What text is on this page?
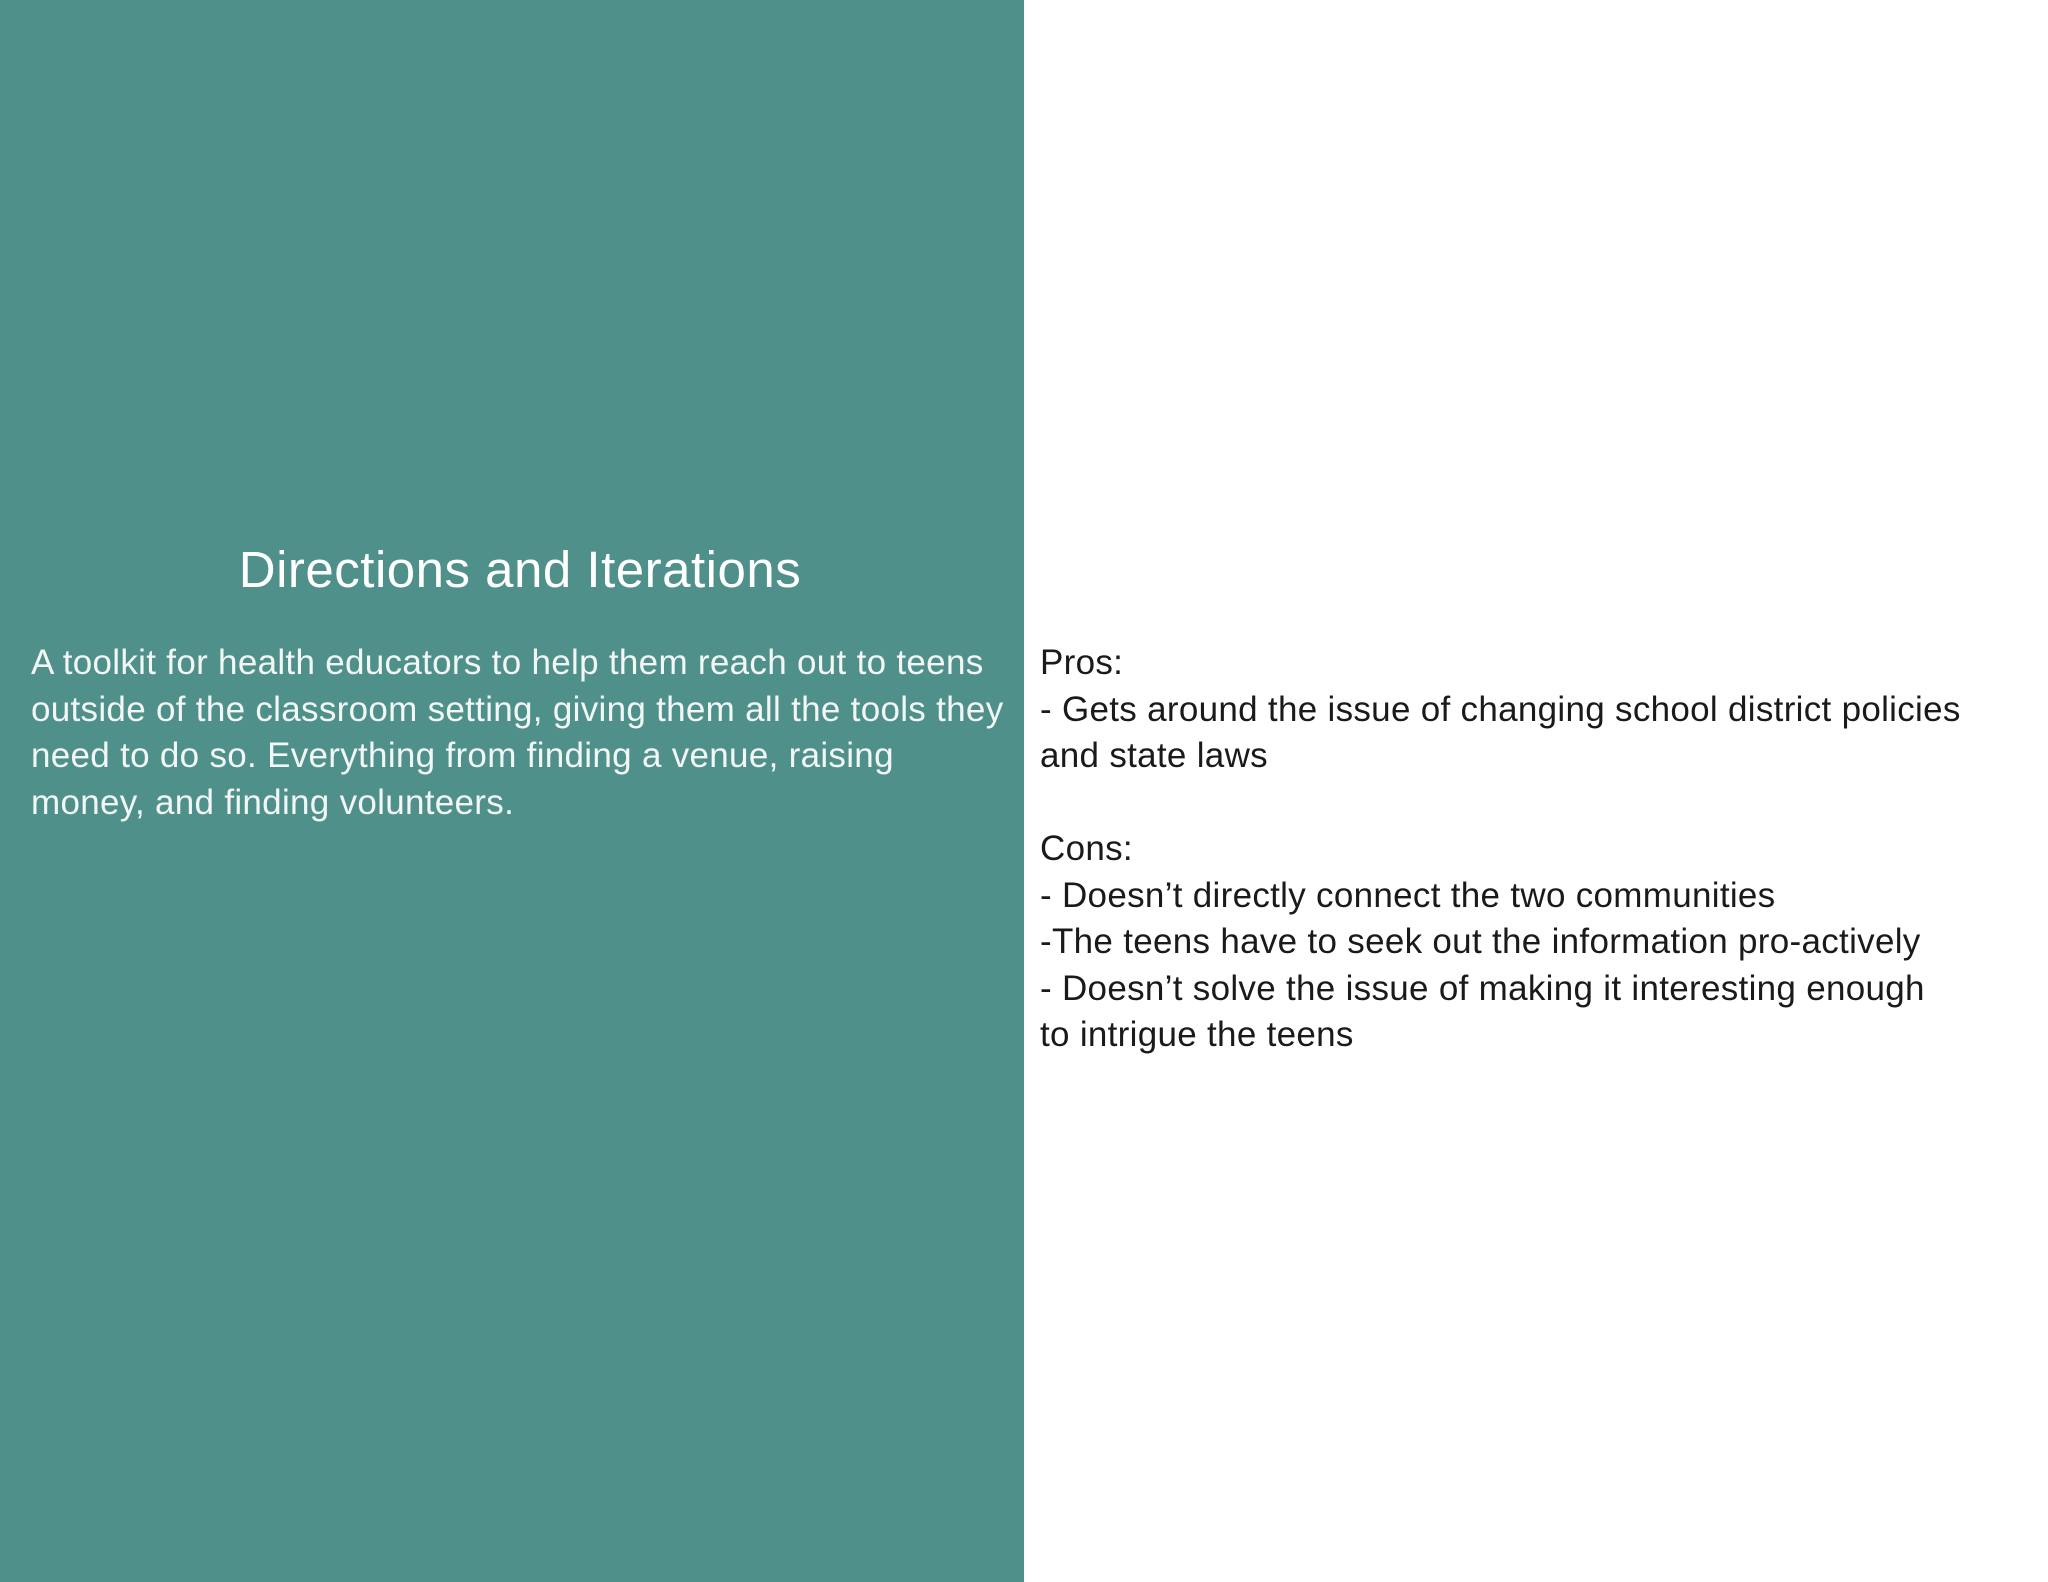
Directions and Iterations

A toolkit for health educators to help them reach out to teens outside of the classroom setting, giving them all the tools they need to do so. Everything from finding a venue, raising money, and finding volunteers.

Pros:
- Gets around the issue of changing school district policies
and state laws
Cons:
- Doesn’t directly connect the two communities
-The teens have to seek out the information pro-actively
- Doesn’t solve the issue of making it interesting enough
to intrigue the teens
